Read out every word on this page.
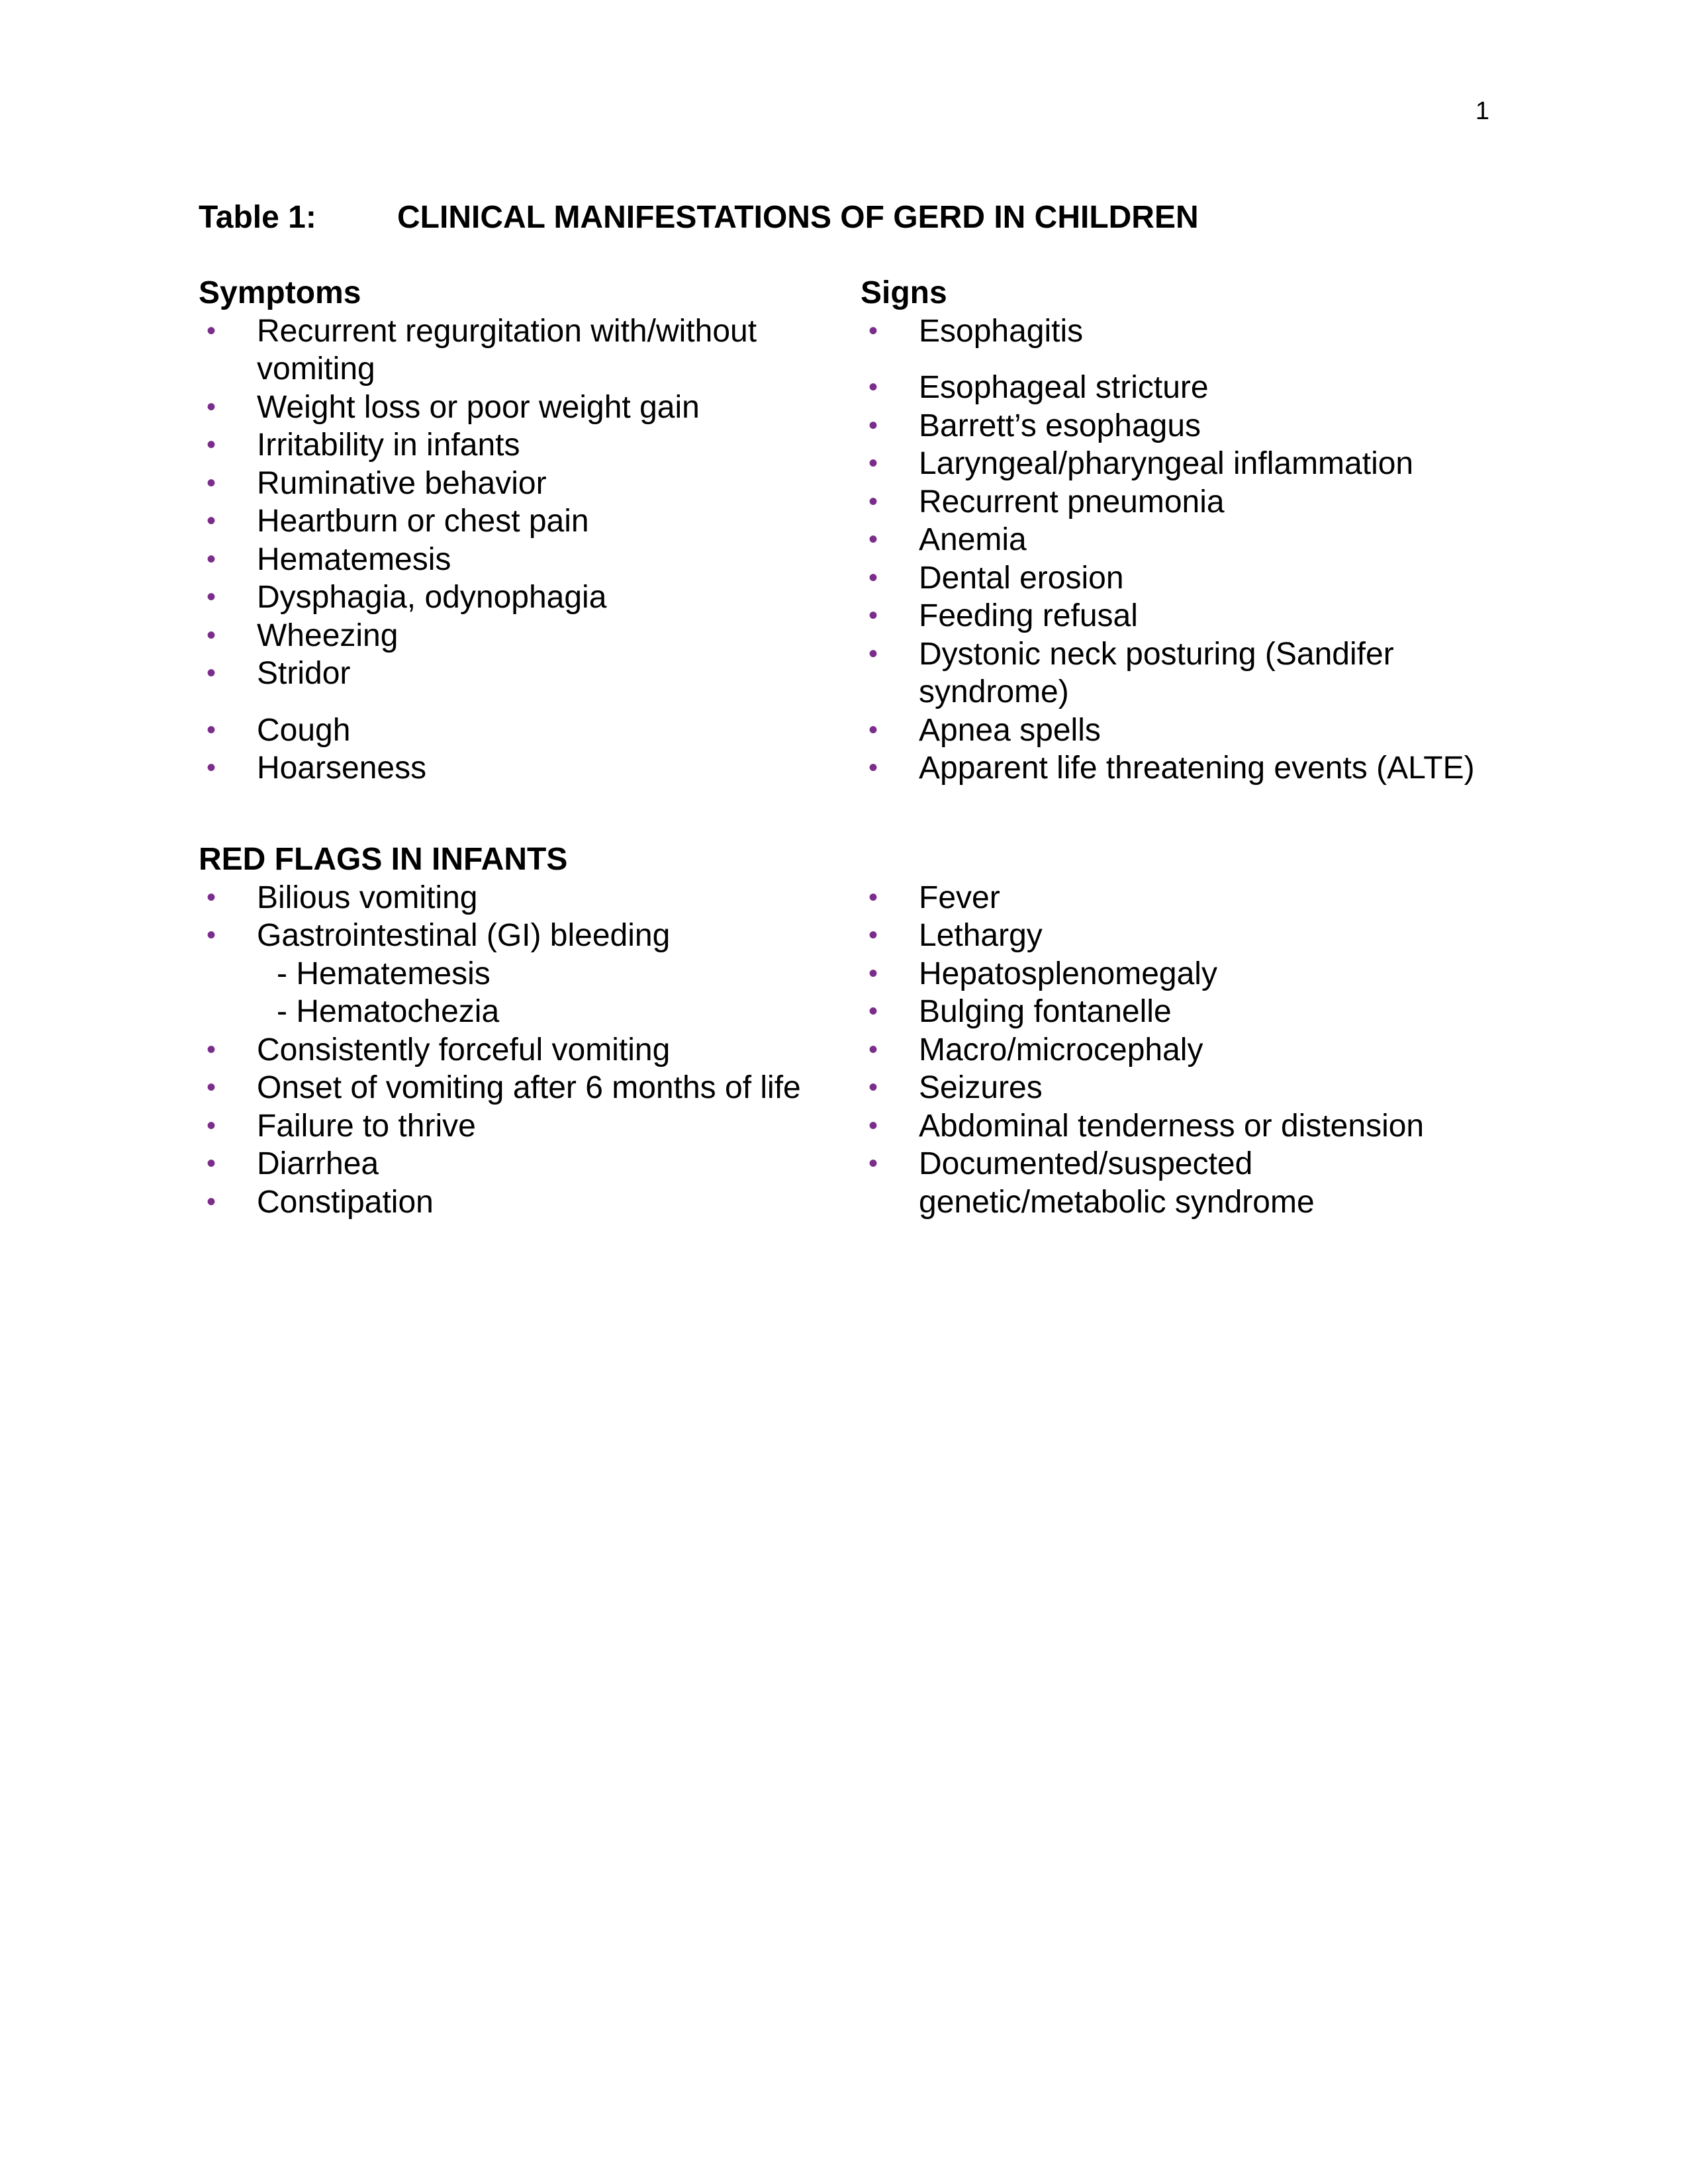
1
Table 1:	CLINICAL MANIFESTATIONS OF GERD IN CHILDREN
Symptoms
• Recurrent regurgitation with/without vomiting
• Weight loss or poor weight gain
• Irritability in infants
• Ruminative behavior
• Heartburn or chest pain
• Hematemesis
• Dysphagia, odynophagia
• Wheezing
• Stridor
• Cough
• Hoarseness
Signs
• Esophagitis
• Esophageal stricture
• Barrett’s esophagus
• Laryngeal/pharyngeal inflammation
• Recurrent pneumonia
• Anemia
• Dental erosion
• Feeding refusal
• Dystonic neck posturing (Sandifer syndrome)
• Apnea spells
• Apparent life threatening events (ALTE)
RED FLAGS IN INFANTS
• Bilious vomiting
• Gastrointestinal (GI) bleeding
- Hematemesis
- Hematochezia
• Consistently forceful vomiting
• Onset of vomiting after 6 months of life
• Failure to thrive
• Diarrhea
• Constipation
• Fever
• Lethargy
• Hepatosplenomegaly
• Bulging fontanelle
• Macro/microcephaly
• Seizures
• Abdominal tenderness or distension
• Documented/suspected
genetic/metabolic syndrome
